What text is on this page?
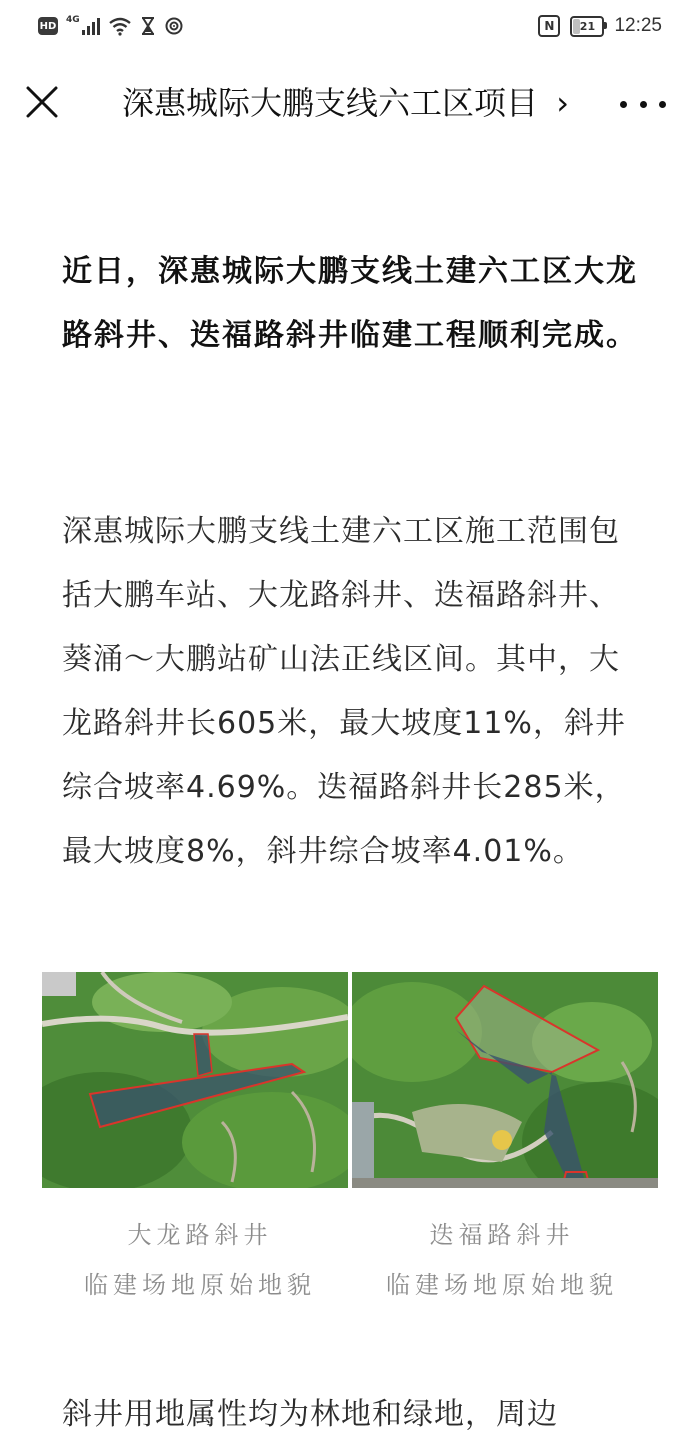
HD
4G	N	21 12:25
深惠城际大鹏支线六工区项目 ›
近日，深惠城际大鹏支线土建六工区大龙路斜井、迭福路斜井临建工程顺利完成。
深惠城际大鹏支线土建六工区施工范围包括大鹏车站、大龙路斜井、迭福路斜井、葵涌～大鹏站矿山法正线区间。其中，大龙路斜井长605米，最大坡度11%，斜井综合坡率4.69%。迭福路斜井长285米，最大坡度8%，斜井综合坡率4.01%。
大龙路斜井
临建场地原始地貌
迭福路斜井
临建场地原始地貌
斜井用地属性均为林地和绿地，周边
